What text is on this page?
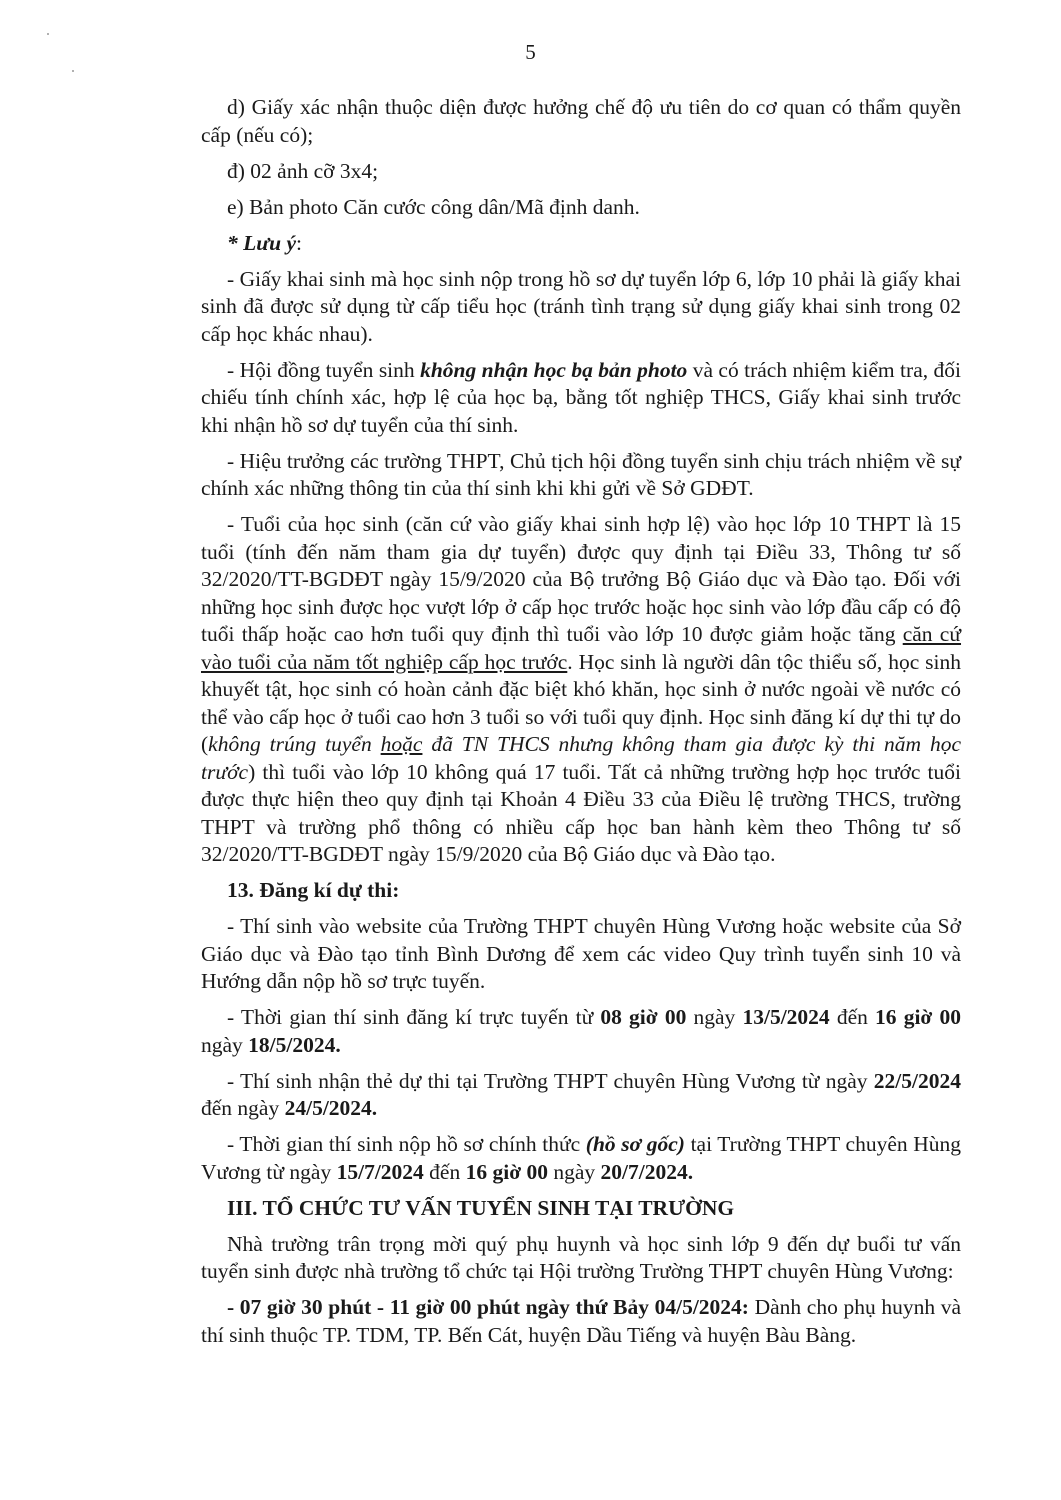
5

d) Giấy xác nhận thuộc diện được hưởng chế độ ưu tiên do cơ quan có thẩm quyền cấp (nếu có);

đ) 02 ảnh cỡ 3x4;

e) Bản photo Căn cước công dân/Mã định danh.

* Lưu ý:

- Giấy khai sinh mà học sinh nộp trong hồ sơ dự tuyển lớp 6, lớp 10 phải là giấy khai sinh đã được sử dụng từ cấp tiểu học (tránh tình trạng sử dụng giấy khai sinh trong 02 cấp học khác nhau).

- Hội đồng tuyển sinh không nhận học bạ bản photo và có trách nhiệm kiểm tra, đối chiếu tính chính xác, hợp lệ của học bạ, bằng tốt nghiệp THCS, Giấy khai sinh trước khi nhận hồ sơ dự tuyển của thí sinh.

- Hiệu trưởng các trường THPT, Chủ tịch hội đồng tuyển sinh chịu trách nhiệm về sự chính xác những thông tin của thí sinh khi khi gửi về Sở GDĐT.

- Tuổi của học sinh (căn cứ vào giấy khai sinh hợp lệ) vào học lớp 10 THPT là 15 tuổi (tính đến năm tham gia dự tuyển) được quy định tại Điều 33, Thông tư số 32/2020/TT-BGDĐT ngày 15/9/2020 của Bộ trưởng Bộ Giáo dục và Đào tạo. Đối với những học sinh được học vượt lớp ở cấp học trước hoặc học sinh vào lớp đầu cấp có độ tuổi thấp hoặc cao hơn tuổi quy định thì tuổi vào lớp 10 được giảm hoặc tăng căn cứ vào tuổi của năm tốt nghiệp cấp học trước. Học sinh là người dân tộc thiểu số, học sinh khuyết tật, học sinh có hoàn cảnh đặc biệt khó khăn, học sinh ở nước ngoài về nước có thể vào cấp học ở tuổi cao hơn 3 tuổi so với tuổi quy định. Học sinh đăng kí dự thi tự do (không trúng tuyển hoặc đã TN THCS nhưng không tham gia được kỳ thi năm học trước) thì tuổi vào lớp 10 không quá 17 tuổi. Tất cả những trường hợp học trước tuổi được thực hiện theo quy định tại Khoản 4 Điều 33 của Điều lệ trường THCS, trường THPT và trường phổ thông có nhiều cấp học ban hành kèm theo Thông tư số 32/2020/TT-BGDĐT ngày 15/9/2020 của Bộ Giáo dục và Đào tạo.

13. Đăng kí dự thi:

- Thí sinh vào website của Trường THPT chuyên Hùng Vương hoặc website của Sở Giáo dục và Đào tạo tỉnh Bình Dương để xem các video Quy trình tuyển sinh 10 và Hướng dẫn nộp hồ sơ trực tuyến.

- Thời gian thí sinh đăng kí trực tuyến từ 08 giờ 00 ngày 13/5/2024 đến 16 giờ 00 ngày 18/5/2024.

- Thí sinh nhận thẻ dự thi tại Trường THPT chuyên Hùng Vương từ ngày 22/5/2024 đến ngày 24/5/2024.

- Thời gian thí sinh nộp hồ sơ chính thức (hồ sơ gốc) tại Trường THPT chuyên Hùng Vương từ ngày 15/7/2024 đến 16 giờ 00 ngày 20/7/2024.

III. TỔ CHỨC TƯ VẤN TUYỂN SINH TẠI TRƯỜNG

Nhà trường trân trọng mời quý phụ huynh và học sinh lớp 9 đến dự buổi tư vấn tuyển sinh được nhà trường tổ chức tại Hội trường Trường THPT chuyên Hùng Vương:

- 07 giờ 30 phút - 11 giờ 00 phút ngày thứ Bảy 04/5/2024: Dành cho phụ huynh và thí sinh thuộc TP. TDM, TP. Bến Cát, huyện Dầu Tiếng và huyện Bàu Bàng.
